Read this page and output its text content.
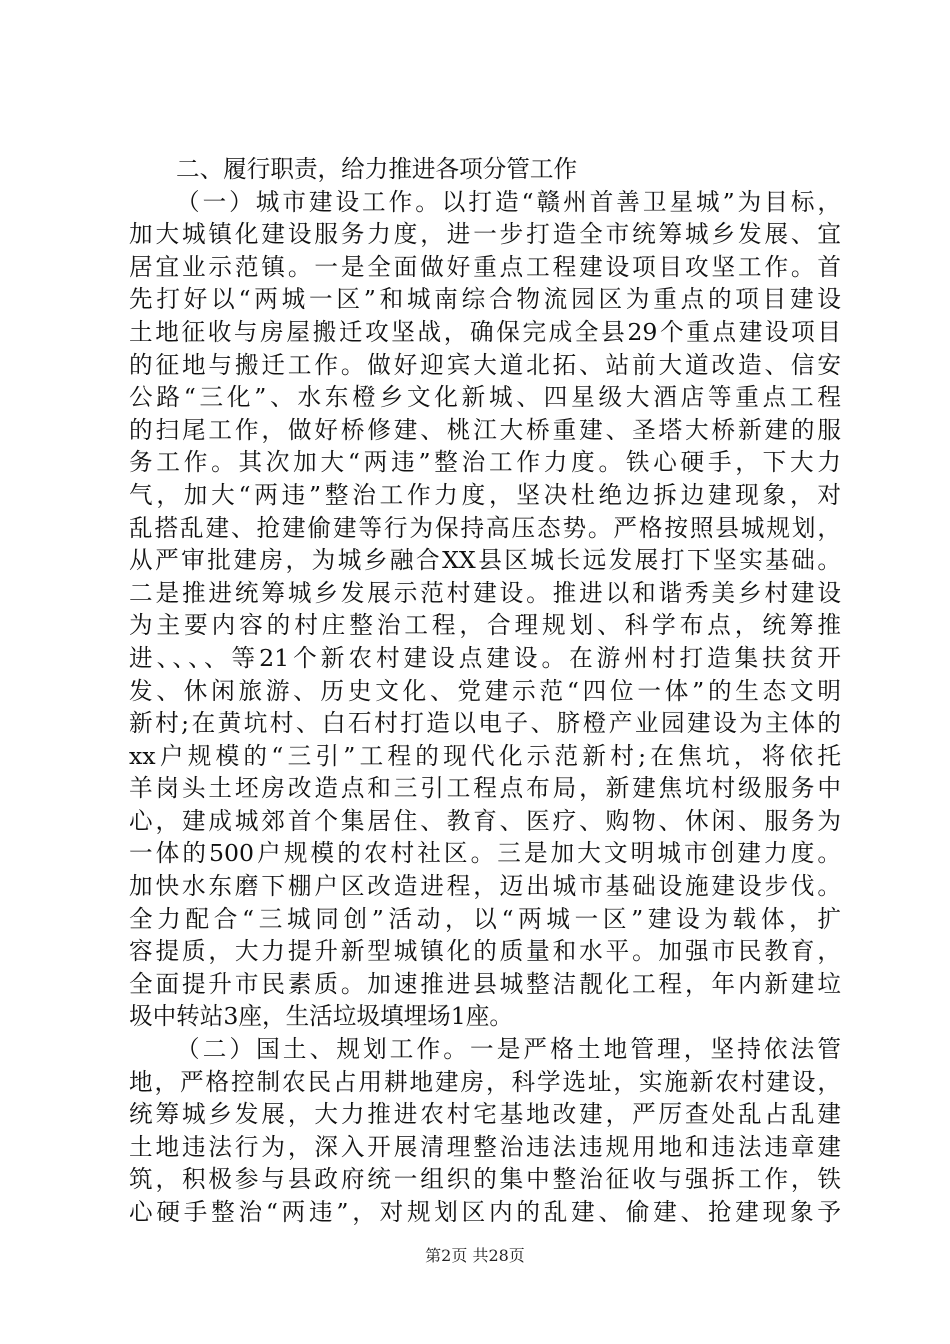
二、履行职责，给力推进各项分管工作
（一）城市建设工作。以打造“赣州首善卫星城”为目标，
加大城镇化建设服务力度，进一步打造全市统筹城乡发展、宜
居宜业示范镇。一是全面做好重点工程建设项目攻坚工作。首
先打好以“两城一区”和城南综合物流园区为重点的项目建设
土地征收与房屋搬迁攻坚战，确保完成全县29个重点建设项目
的征地与搬迁工作。做好迎宾大道北拓、站前大道改造、信安
公路“三化”、水东橙乡文化新城、四星级大酒店等重点工程
的扫尾工作，做好桥修建、桃江大桥重建、圣塔大桥新建的服
务工作。其次加大“两违”整治工作力度。铁心硬手，下大力
气，加大“两违”整治工作力度，坚决杜绝边拆边建现象，对
乱搭乱建、抢建偷建等行为保持高压态势。严格按照县城规划，
从严审批建房，为城乡融合XX县区城长远发展打下坚实基础。
二是推进统筹城乡发展示范村建设。推进以和谐秀美乡村建设
为主要内容的村庄整治工程，合理规划、科学布点，统筹推
进、、、、等21个新农村建设点建设。在游州村打造集扶贫开
发、休闲旅游、历史文化、党建示范“四位一体”的生态文明
新村;在黄坑村、白石村打造以电子、脐橙产业园建设为主体的
xx户规模的“三引”工程的现代化示范新村;在焦坑，将依托
羊岗头土坯房改造点和三引工程点布局，新建焦坑村级服务中
心，建成城郊首个集居住、教育、医疗、购物、休闲、服务为
一体的500户规模的农村社区。三是加大文明城市创建力度。
加快水东磨下棚户区改造进程，迈出城市基础设施建设步伐。
全力配合“三城同创”活动，以“两城一区”建设为载体，扩
容提质，大力提升新型城镇化的质量和水平。加强市民教育，
全面提升市民素质。加速推进县城整洁靓化工程，年内新建垃
圾中转站3座，生活垃圾填埋场1座。
（二）国土、规划工作。一是严格土地管理，坚持依法管
地，严格控制农民占用耕地建房，科学选址，实施新农村建设，
统筹城乡发展，大力推进农村宅基地改建，严厉查处乱占乱建
土地违法行为，深入开展清理整治违法违规用地和违法违章建
筑，积极参与县政府统一组织的集中整治征收与强拆工作，铁
心硬手整治“两违”，对规划区内的乱建、偷建、抢建现象予
第2页 共28页
